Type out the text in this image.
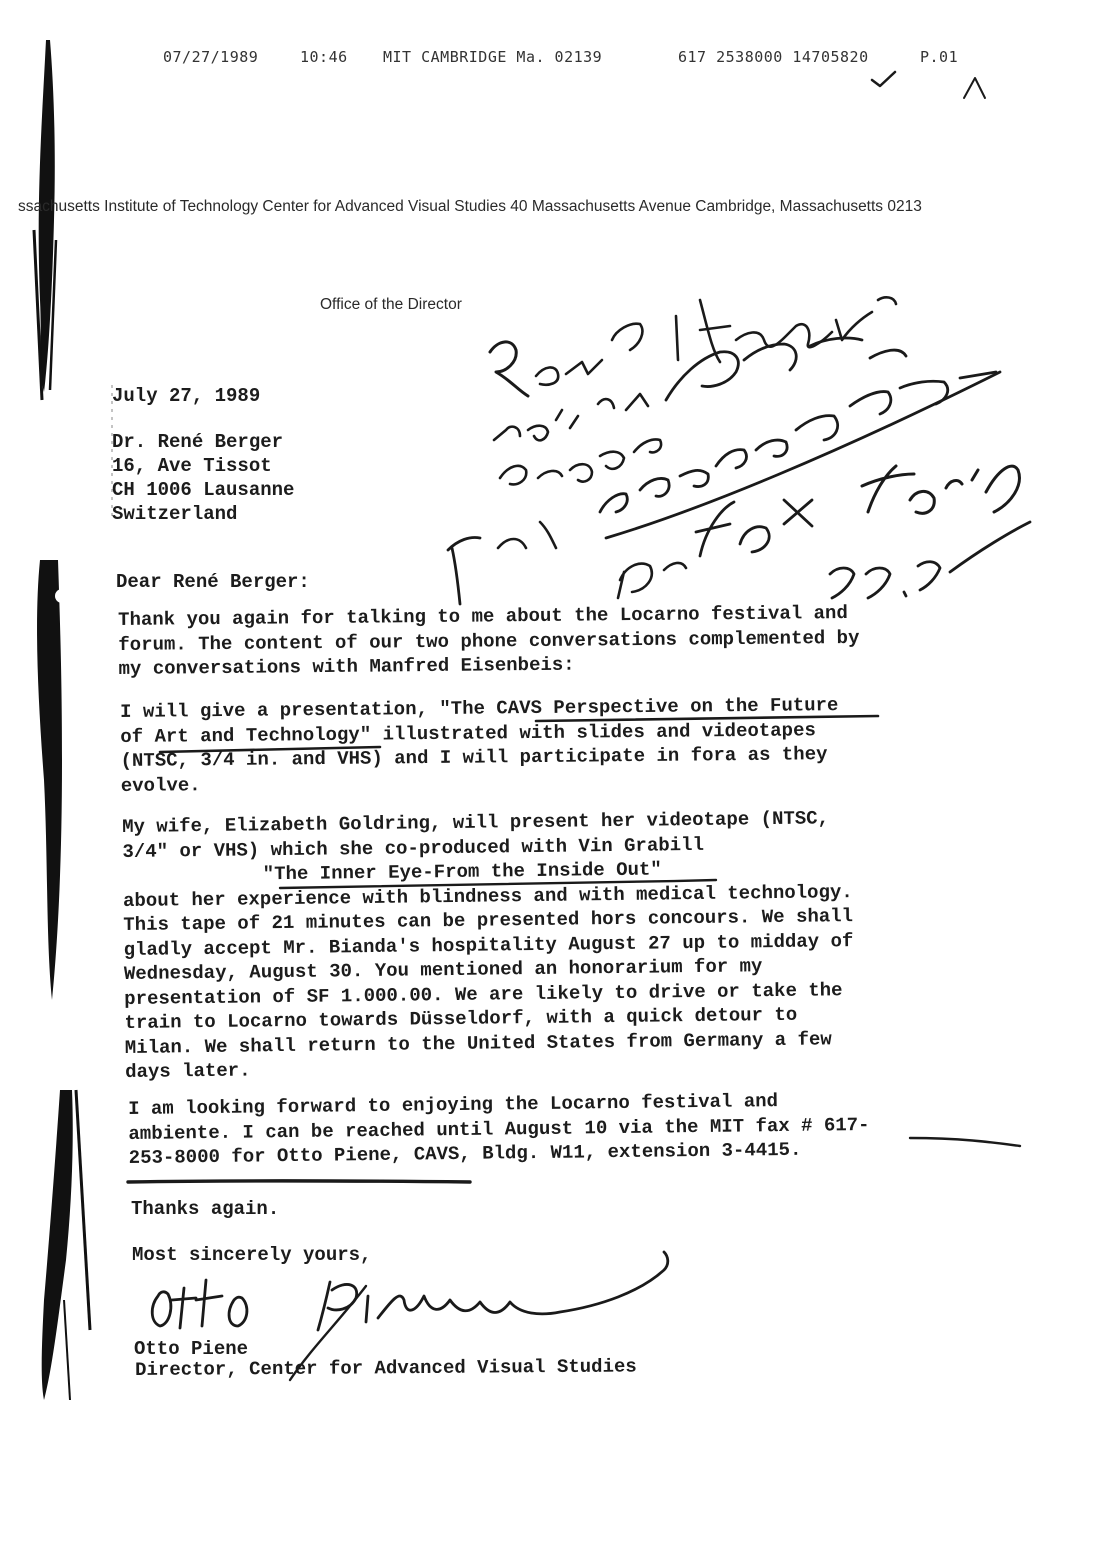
07/27/1989	10:46 MIT CAMBRIDGE Ma. 02139	617 2538000 14705820	P.01
ssachusetts Institute of Technology Center for Advanced Visual Studies 40 Massachusetts Avenue Cambridge, Massachusetts 0213
Office of the Director
July 27, 1989
Dr. René Berger
16, Ave Tissot
CH 1006 Lausanne
Switzerland
Dear René Berger:
Thank you again for talking to me about the Locarno festival and
forum. The content of our two phone conversations complemented by
my conversations with Manfred Eisenbeis:
I will give a presentation, "The CAVS Perspective on the Future
of Art and Technology" illustrated with slides and videotapes
(NTSC, 3/4 in. and VHS) and I will participate in fora as they
evolve.
My wife, Elizabeth Goldring, will present her videotape (NTSC,
3/4" or VHS) which she co-produced with Vin Grabill
"The Inner Eye-From the Inside Out"
about her experience with blindness and with medical technology.
This tape of 21 minutes can be presented hors concours. We shall
gladly accept Mr. Bianda's hospitality August 27 up to midday of
Wednesday, August 30. You mentioned an honorarium for my
presentation of SF 1.000.00. We are likely to drive or take the
train to Locarno towards Düsseldorf, with a quick detour to
Milan. We shall return to the United States from Germany a few
days later.
I am looking forward to enjoying the Locarno festival and
ambiente. I can be reached until August 10 via the MIT fax # 617-
253-8000 for Otto Piene, CAVS, Bldg. W11, extension 3-4415.
Thanks again.
Most sincerely yours,
Otto Piene
Director, Center for Advanced Visual Studies
